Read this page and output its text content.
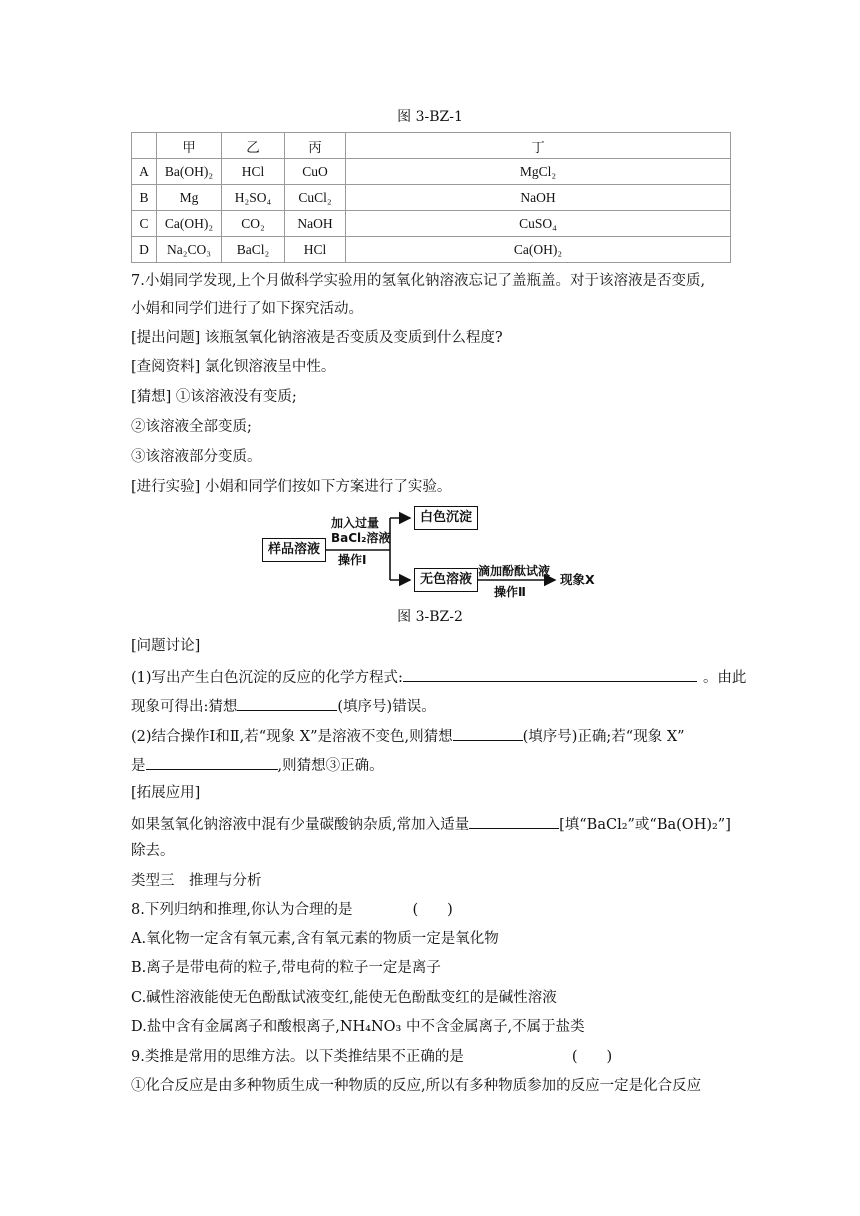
图 3-BZ-1
	甲	乙	丙	丁
A	Ba(OH)₂	HCl	CuO	MgCl₂
B	Mg	H₂SO₄	CuCl₂	NaOH
C	Ca(OH)₂	CO₂	NaOH	CuSO₄
D	Na₂CO₃	BaCl₂	HCl	Ca(OH)₂
7.小娟同学发现,上个月做科学实验用的氢氧化钠溶液忘记了盖瓶盖。对于该溶液是否变质,
小娟和同学们进行了如下探究活动。
[提出问题] 该瓶氢氧化钠溶液是否变质及变质到什么程度?
[查阅资料] 氯化钡溶液呈中性。
[猜想] ①该溶液没有变质;
②该溶液全部变质;
③该溶液部分变质。
[进行实验] 小娟和同学们按如下方案进行了实验。
样品溶液
白色沉淀
无色溶液
加入过量
BaCl₂溶液
操作Ⅰ
滴加酚酞试液
操作Ⅱ
现象X
图 3-BZ-2
[问题讨论]
(1)写出产生白色沉淀的反应的化学方程式:	。由此
现象可得出:猜想	(填序号)错误。
(2)结合操作Ⅰ和Ⅱ,若“现象 X”是溶液不变色,则猜想	(填序号)正确;若“现象 X”
是	,则猜想③正确。
[拓展应用]
如果氢氧化钠溶液中混有少量碳酸钠杂质,常加入适量	[填“BaCl₂”或“Ba(OH)₂”]
除去。
类型三　推理与分析
8.下列归纳和推理,你认为合理的是	(　　)
A.氧化物一定含有氧元素,含有氧元素的物质一定是氧化物
B.离子是带电荷的粒子,带电荷的粒子一定是离子
C.碱性溶液能使无色酚酞试液变红,能使无色酚酞变红的是碱性溶液
D.盐中含有金属离子和酸根离子,NH₄NO₃ 中不含金属离子,不属于盐类
9.类推是常用的思维方法。以下类推结果不正确的是	(　　)
①化合反应是由多种物质生成一种物质的反应,所以有多种物质参加的反应一定是化合反应
